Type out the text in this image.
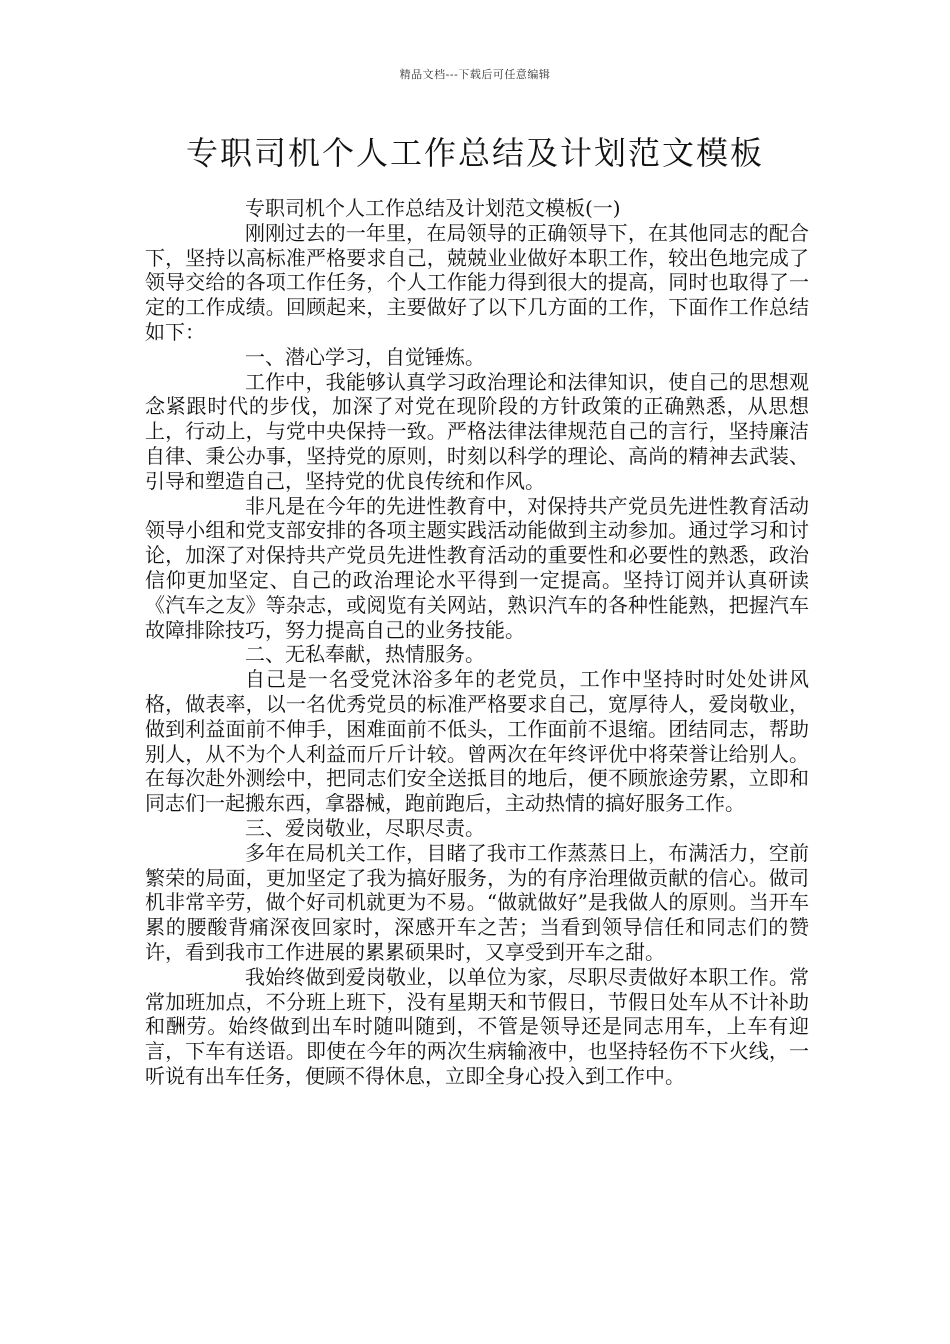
精品文档---下载后可任意编辑
专职司机个人工作总结及计划范文模板

专职司机个人工作总结及计划范文模板(一)

刚刚过去的一年里，在局领导的正确领导下，在其他同志的配合下，坚持以高标准严格要求自己，兢兢业业做好本职工作，较出色地完成了领导交给的各项工作任务，个人工作能力得到很大的提高，同时也取得了一定的工作成绩。回顾起来，主要做好了以下几方面的工作，下面作工作总结如下：

一、潜心学习，自觉锤炼。

工作中，我能够认真学习政治理论和法律知识，使自己的思想观念紧跟时代的步伐，加深了对党在现阶段的方针政策的正确熟悉，从思想上，行动上，与党中央保持一致。严格法律法律规范自己的言行，坚持廉洁自律、秉公办事，坚持党的原则，时刻以科学的理论、高尚的精神去武装、引导和塑造自己，坚持党的优良传统和作风。

非凡是在今年的先进性教育中，对保持共产党员先进性教育活动领导小组和党支部安排的各项主题实践活动能做到主动参加。通过学习和讨论，加深了对保持共产党员先进性教育活动的重要性和必要性的熟悉，政治信仰更加坚定、自己的政治理论水平得到一定提高。坚持订阅并认真研读《汽车之友》等杂志，或阅览有关网站，熟识汽车的各种性能熟，把握汽车故障排除技巧，努力提高自己的业务技能。

二、无私奉献，热情服务。

自己是一名受党沐浴多年的老党员，工作中坚持时时处处讲风格，做表率，以一名优秀党员的标准严格要求自己，宽厚待人，爱岗敬业，做到利益面前不伸手，困难面前不低头，工作面前不退缩。团结同志，帮助别人，从不为个人利益而斤斤计较。曾两次在年终评优中将荣誉让给别人。在每次赴外测绘中，把同志们安全送抵目的地后，便不顾旅途劳累，立即和同志们一起搬东西，拿器械，跑前跑后，主动热情的搞好服务工作。

三、爱岗敬业，尽职尽责。

多年在局机关工作，目睹了我市工作蒸蒸日上，布满活力，空前繁荣的局面，更加坚定了我为搞好服务，为的有序治理做贡献的信心。做司机非常辛劳，做个好司机就更为不易。“做就做好”是我做人的原则。当开车累的腰酸背痛深夜回家时，深感开车之苦；当看到领导信任和同志们的赞许，看到我市工作进展的累累硕果时，又享受到开车之甜。

我始终做到爱岗敬业，以单位为家，尽职尽责做好本职工作。常常加班加点，不分班上班下，没有星期天和节假日，节假日处车从不计补助和酬劳。始终做到出车时随叫随到，不管是领导还是同志用车，上车有迎言，下车有送语。即使在今年的两次生病输液中，也坚持轻伤不下火线，一听说有出车任务，便顾不得休息，立即全身心投入到工作中。
